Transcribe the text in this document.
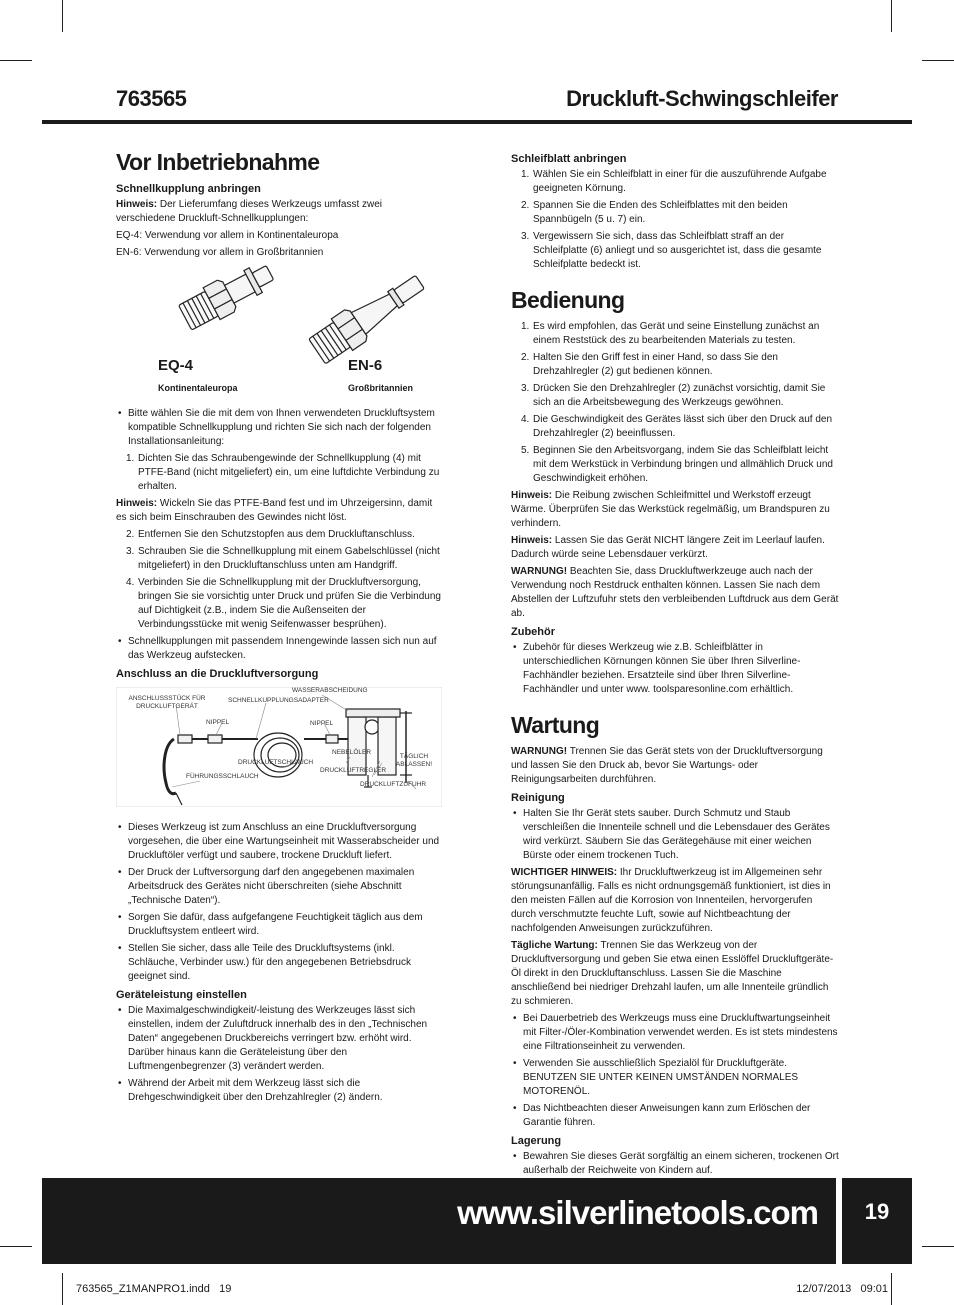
763565	Druckluft-Schwingschleifer
Vor Inbetriebnahme
Schnellkupplung anbringen

Hinweis: Der Lieferumfang dieses Werkzeugs umfasst zwei verschiedene Druckluft-Schnellkupplungen:

EQ-4: Verwendung vor allem in Kontinentaleuropa

EN-6: Verwendung vor allem in Großbritannien

EQ-4
Kontinentaleuropa
EN-6
Großbritannien
• Bitte wählen Sie die mit dem von Ihnen verwendeten Druckluftsystem kompatible Schnellkupplung und richten Sie sich nach der folgenden Installationsanleitung:
1. Dichten Sie das Schraubengewinde der Schnellkupplung (4) mit PTFE-Band (nicht mitgeliefert) ein, um eine luftdichte Verbindung zu erhalten.

Hinweis: Wickeln Sie das PTFE-Band fest und im Uhrzeigersinn, damit es sich beim Einschrauben des Gewindes nicht löst.

2. Entfernen Sie den Schutzstopfen aus dem Druckluftanschluss.
3. Schrauben Sie die Schnellkupplung mit einem Gabelschlüssel (nicht mitgeliefert) in den Druckluftanschluss unten am Handgriff.
4. Verbinden Sie die Schnellkupplung mit der Druckluftversorgung, bringen Sie sie vorsichtig unter Druck und prüfen Sie die Verbindung auf Dichtigkeit (z.B., indem Sie die Außenseiten der Verbindungsstücke mit wenig Seifenwasser besprühen).
• Schnellkupplungen mit passendem Innengewinde lassen sich nun auf das Werkzeug aufstecken.
Anschluss an die Druckluftversorgung
ANSCHLUSSSTÜCK FÜR DRUCKLUFTGERÄT
SCHNELLKUPPLUNGSADAPTER
WASSERABSCHEIDUNG
NIPPEL	NIPPEL
DRUCKLUFTSCHLAUCH
NEBELÖLER
TÄGLICH ABLASSEN!
DRUCKLUFTREGLER
FÜHRUNGSSCHLAUCH
DRUCKLUFTZUFUHR
• Dieses Werkzeug ist zum Anschluss an eine Druckluftversorgung vorgesehen, die über eine Wartungseinheit mit Wasserabscheider und Druckluftöler verfügt und saubere, trockene Druckluft liefert.
• Der Druck der Luftversorgung darf den angegebenen maximalen Arbeitsdruck des Gerätes nicht überschreiten (siehe Abschnitt „Technische Daten“).
• Sorgen Sie dafür, dass aufgefangene Feuchtigkeit täglich aus dem Druckluftsystem entleert wird.
• Stellen Sie sicher, dass alle Teile des Druckluftsystems (inkl. Schläuche, Verbinder usw.) für den angegebenen Betriebsdruck geeignet sind.
Geräteleistung einstellen
• Die Maximalgeschwindigkeit/-leistung des Werkzeuges lässt sich einstellen, indem der Zuluftdruck innerhalb des in den „Technischen Daten“ angegebenen Druckbereichs verringert bzw. erhöht wird. Darüber hinaus kann die Geräteleistung über den Luftmengenbegrenzer (3) verändert werden.
• Während der Arbeit mit dem Werkzeug lässt sich die Drehgeschwindigkeit über den Drehzahlregler (2) ändern.
Schleifblatt anbringen
1. Wählen Sie ein Schleifblatt in einer für die auszuführende Aufgabe geeigneten Körnung.
2. Spannen Sie die Enden des Schleifblattes mit den beiden Spannbügeln (5 u. 7) ein.
3. Vergewissern Sie sich, dass das Schleifblatt straff an der Schleifplatte (6) anliegt und so ausgerichtet ist, dass die gesamte Schleifplatte bedeckt ist.
Bedienung
1. Es wird empfohlen, das Gerät und seine Einstellung zunächst an einem Reststück des zu bearbeitenden Materials zu testen.
2. Halten Sie den Griff fest in einer Hand, so dass Sie den Drehzahlregler (2) gut bedienen können.
3. Drücken Sie den Drehzahlregler (2) zunächst vorsichtig, damit Sie sich an die Arbeitsbewegung des Werkzeugs gewöhnen.
4. Die Geschwindigkeit des Gerätes lässt sich über den Druck auf den Drehzahlregler (2) beeinflussen.
5. Beginnen Sie den Arbeitsvorgang, indem Sie das Schleifblatt leicht mit dem Werkstück in Verbindung bringen und allmählich Druck und Geschwindigkeit erhöhen.

Hinweis: Die Reibung zwischen Schleifmittel und Werkstoff erzeugt Wärme. Überprüfen Sie das Werkstück regelmäßig, um Brandspuren zu verhindern.

Hinweis: Lassen Sie das Gerät NICHT längere Zeit im Leerlauf laufen. Dadurch würde seine Lebensdauer verkürzt.

WARNUNG! Beachten Sie, dass Druckluftwerkzeuge auch nach der Verwendung noch Restdruck enthalten können. Lassen Sie nach dem Abstellen der Luftzufuhr stets den verbleibenden Luftdruck aus dem Gerät ab.

Zubehör
• Zubehör für dieses Werkzeug wie z.B. Schleifblätter in unterschiedlichen Körnungen können Sie über Ihren Silverline-Fachhändler beziehen. Ersatzteile sind über Ihren Silverline-Fachhändler und unter www. toolsparesonline.com erhältlich.
Wartung

WARNUNG! Trennen Sie das Gerät stets von der Druckluftversorgung und lassen Sie den Druck ab, bevor Sie Wartungs- oder Reinigungsarbeiten durchführen.

Reinigung
• Halten Sie Ihr Gerät stets sauber. Durch Schmutz und Staub verschleißen die Innenteile schnell und die Lebensdauer des Gerätes wird verkürzt. Säubern Sie das Gerätegehäuse mit einer weichen Bürste oder einem trockenen Tuch.

WICHTIGER HINWEIS: Ihr Druckluftwerkzeug ist im Allgemeinen sehr störungsunanfällig. Falls es nicht ordnungsgemäß funktioniert, ist dies in den meisten Fällen auf die Korrosion von Innenteilen, hervorgerufen durch verschmutzte feuchte Luft, sowie auf Nichtbeachtung der nachfolgenden Anweisungen zurückzuführen.

Tägliche Wartung: Trennen Sie das Werkzeug von der Druckluftversorgung und geben Sie etwa einen Esslöffel Druckluftgeräte-Öl direkt in den Druckluftanschluss. Lassen Sie die Maschine anschließend bei niedriger Drehzahl laufen, um alle Innenteile gründlich zu schmieren.

• Bei Dauerbetrieb des Werkzeugs muss eine Druckluftwartungseinheit mit Filter-/Öler-Kombination verwendet werden. Es ist stets mindestens eine Filtrationseinheit zu verwenden.
• Verwenden Sie ausschließlich Spezialöl für Druckluftgeräte. BENUTZEN SIE UNTER KEINEN UMSTÄNDEN NORMALES MOTORENÖL.
• Das Nichtbeachten dieser Anweisungen kann zum Erlöschen der Garantie führen.
Lagerung
• Bewahren Sie dieses Gerät sorgfältig an einem sicheren, trockenen Ort außerhalb der Reichweite von Kindern auf.
www.silverlinetools.com	19
763565_Z1MANPRO1.indd   19	12/07/2013   09:01
